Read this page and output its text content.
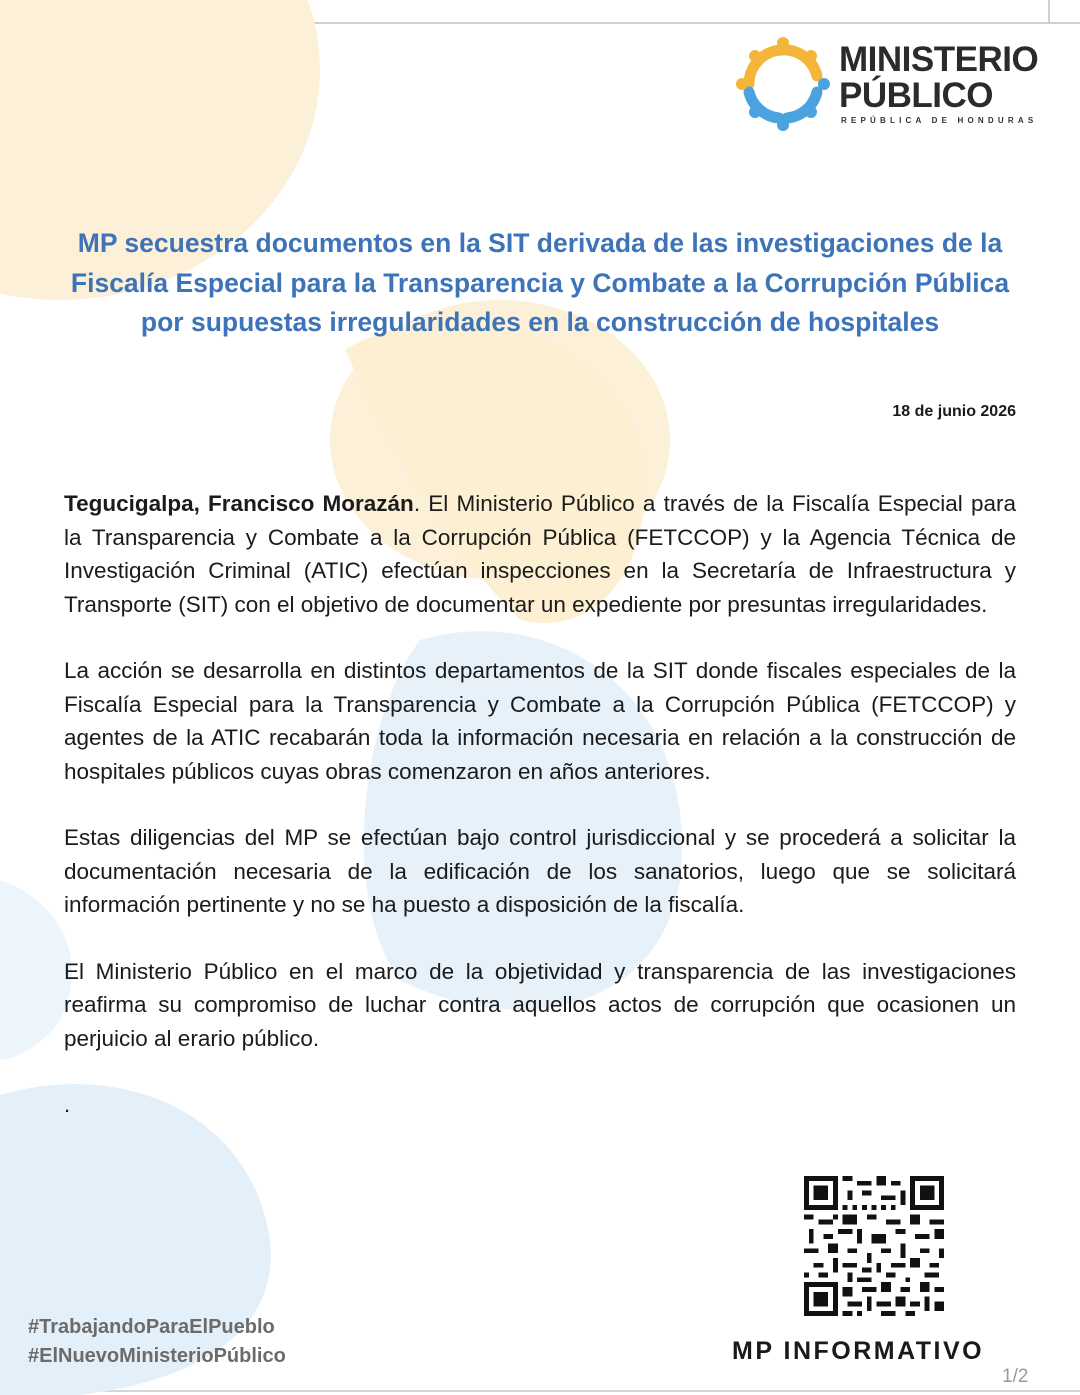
MINISTERIO
PÚBLICO
REPÚBLICA DE HONDURAS
MP secuestra documentos en la SIT derivada de las investigaciones de la Fiscalía Especial para la Transparencia y Combate a la Corrupción Pública por supuestas irregularidades en la construcción de hospitales
18 de junio 2026

Tegucigalpa, Francisco Morazán. El Ministerio Público a través de la Fiscalía Especial para la Transparencia y Combate a la Corrupción Pública (FETCCOP) y la Agencia Técnica de Investigación Criminal (ATIC) efectúan inspecciones en la Secretaría de Infraestructura y Transporte (SIT) con el objetivo de documentar un expediente por presuntas irregularidades.

La acción se desarrolla en distintos departamentos de la SIT donde fiscales especiales de la Fiscalía Especial para la Transparencia y Combate a la Corrupción Pública (FETCCOP) y agentes de la ATIC recabarán toda la información necesaria en relación a la construcción de hospitales públicos cuyas obras comenzaron en años anteriores.

Estas diligencias del MP se efectúan bajo control jurisdiccional y se procederá a solicitar la documentación necesaria de la edificación de los sanatorios, luego que se solicitará información pertinente y no se ha puesto a disposición de la fiscalía.

El Ministerio Público en el marco de la objetividad y transparencia de las investigaciones reafirma su compromiso de luchar contra aquellos actos de corrupción que ocasionen un perjuicio al erario público.

.
#TrabajandoParaElPueblo
#ElNuevoMinisterioPúblico	MP INFORMATIVO
1/2
